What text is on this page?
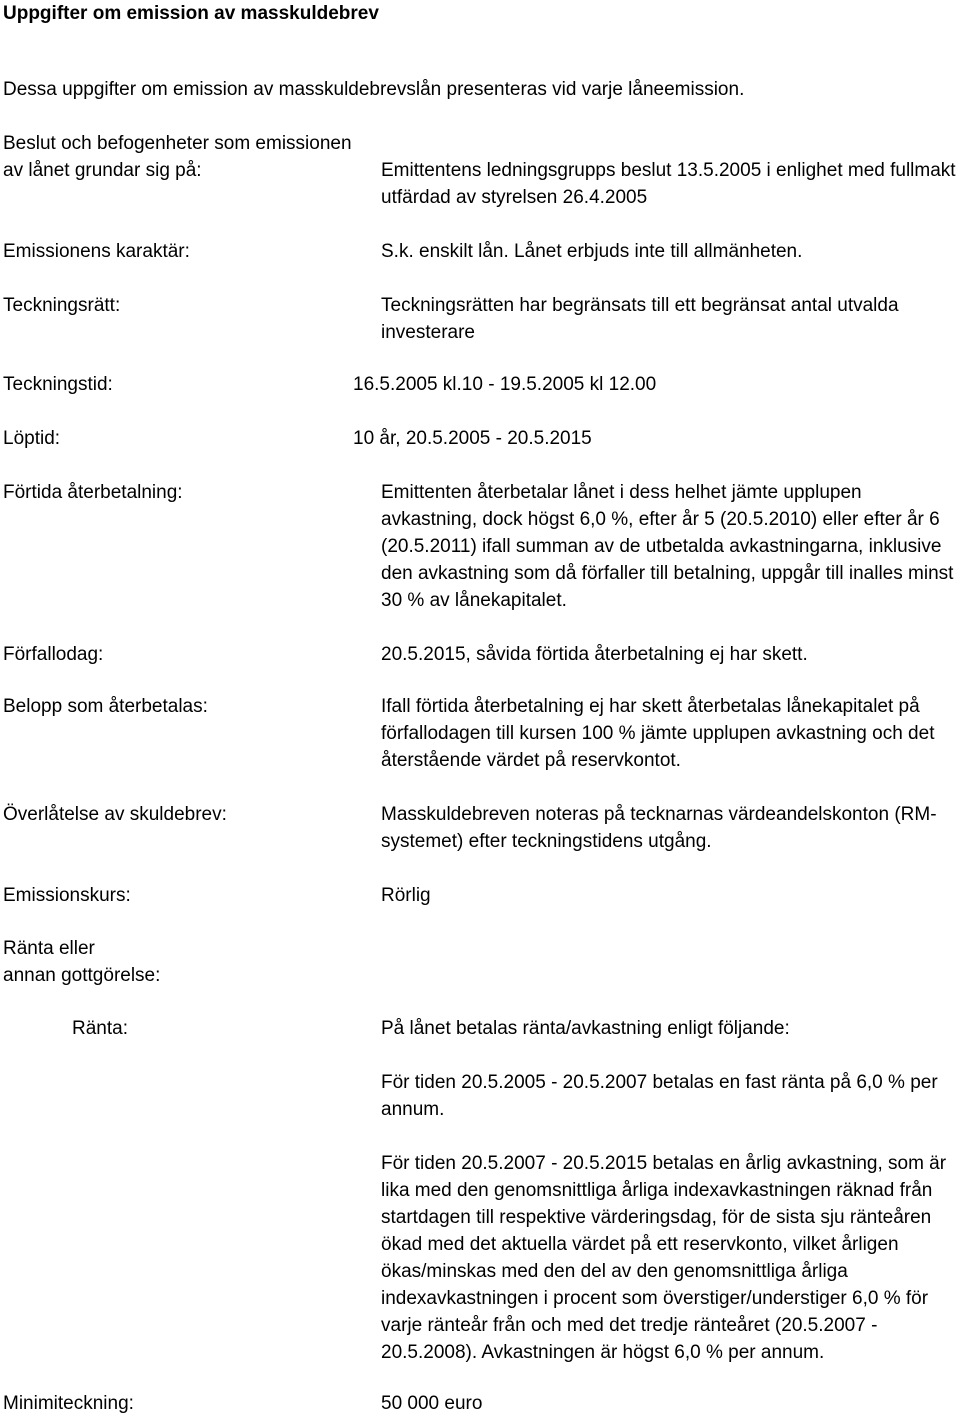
Uppgifter om emission av masskuldebrev
Dessa uppgifter om emission av masskuldebrevslån presenteras vid varje låneemission.
Beslut och befogenheter som emissionen
av lånet grundar sig på:	Emittentens ledningsgrupps beslut 13.5.2005 i enlighet med fullmakt
utfärdad av styrelsen 26.4.2005
Emissionens karaktär:	S.k. enskilt lån. Lånet erbjuds inte till allmänheten.
Teckningsrätt:	Teckningsrätten har begränsats till ett begränsat antal utvalda
investerare
Teckningstid:	16.5.2005 kl.10 - 19.5.2005 kl 12.00
Löptid:	10 år, 20.5.2005 - 20.5.2015
Förtida återbetalning:	Emittenten återbetalar lånet i dess helhet jämte upplupen
avkastning, dock högst 6,0 %, efter år 5 (20.5.2010) eller efter år 6
(20.5.2011) ifall summan av de utbetalda avkastningarna, inklusive
den avkastning som då förfaller till betalning, uppgår till inalles minst
30 % av lånekapitalet.
Förfallodag:	20.5.2015, såvida förtida återbetalning ej har skett.
Belopp som återbetalas:	Ifall förtida återbetalning ej har skett återbetalas lånekapitalet på
förfallodagen till kursen 100 % jämte upplupen avkastning och det
återstående värdet på reservkontot.
Överlåtelse av skuldebrev:	Masskuldebreven noteras på tecknarnas värdeandelskonton (RM-
systemet) efter teckningstidens utgång.
Emissionskurs:	Rörlig
Ränta eller
annan gottgörelse:
Ränta:	På lånet betalas ränta/avkastning enligt följande:
För tiden 20.5.2005 - 20.5.2007 betalas en fast ränta på 6,0 % per
annum.
För tiden 20.5.2007 - 20.5.2015 betalas en årlig avkastning, som är
lika med den genomsnittliga årliga indexavkastningen räknad från
startdagen till respektive värderingsdag, för de sista sju ränteåren
ökad med det aktuella värdet på ett reservkonto, vilket årligen
ökas/minskas med den del av den genomsnittliga årliga
indexavkastningen i procent som överstiger/understiger 6,0 % för
varje ränteår från och med det tredje ränteåret (20.5.2007 -
20.5.2008). Avkastningen är högst 6,0 % per annum.
Minimiteckning:	50 000 euro
